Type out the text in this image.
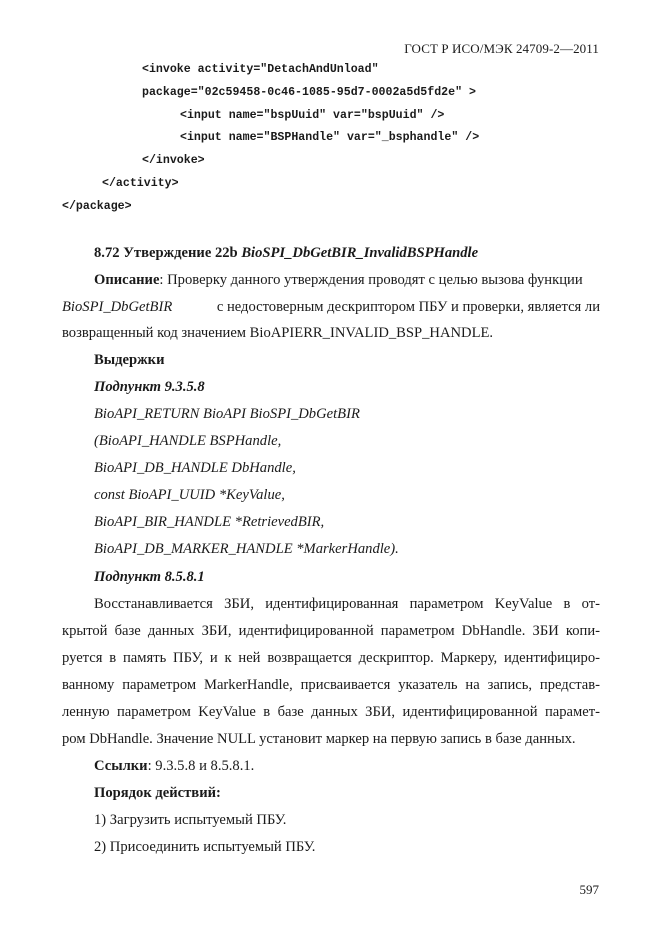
ГОСТ Р ИСО/МЭК 24709-2—2011
<invoke activity="DetachAndUnload"
package="02c59458-0c46-1085-95d7-0002a5d5fd2e" >
<input name="bspUuid" var="bspUuid" />
<input name="BSPHandle" var="_bsphandle" />
</invoke>
</activity>
</package>
8.72 Утверждение 22b BioSPI_DbGetBIR_InvalidBSPHandle
Описание: Проверку данного утверждения проводят с целью вызова функции
BioSPI_DbGetBIR	с недостоверным дескриптором ПБУ и проверки, является ли
возвращенный код значением BioAPIERR_INVALID_BSP_HANDLE.
Выдержки
Подпункт 9.3.5.8
BioAPI_RETURN BioAPI BioSPI_DbGetBIR
(BioAPI_HANDLE BSPHandle,
BioAPI_DB_HANDLE DbHandle,
const BioAPI_UUID *KeyValue,
BioAPI_BIR_HANDLE *RetrievedBIR,
BioAPI_DB_MARKER_HANDLE *MarkerHandle).
Подпункт 8.5.8.1
Восстанавливается ЗБИ, идентифицированная параметром KeyValue в от-
крытой базе данных ЗБИ, идентифицированной параметром DbHandle. ЗБИ копи-
руется в память ПБУ, и к ней возвращается дескриптор. Маркеру, идентифициро-
ванному параметром MarkerHandle, присваивается указатель на запись, представ-
ленную параметром KeyValue в базе данных ЗБИ, идентифицированной парамет-
ром DbHandle. Значение NULL установит маркер на первую запись в базе данных.
Ссылки: 9.3.5.8 и 8.5.8.1.
Порядок действий:
1) Загрузить испытуемый ПБУ.
2) Присоединить испытуемый ПБУ.
597
